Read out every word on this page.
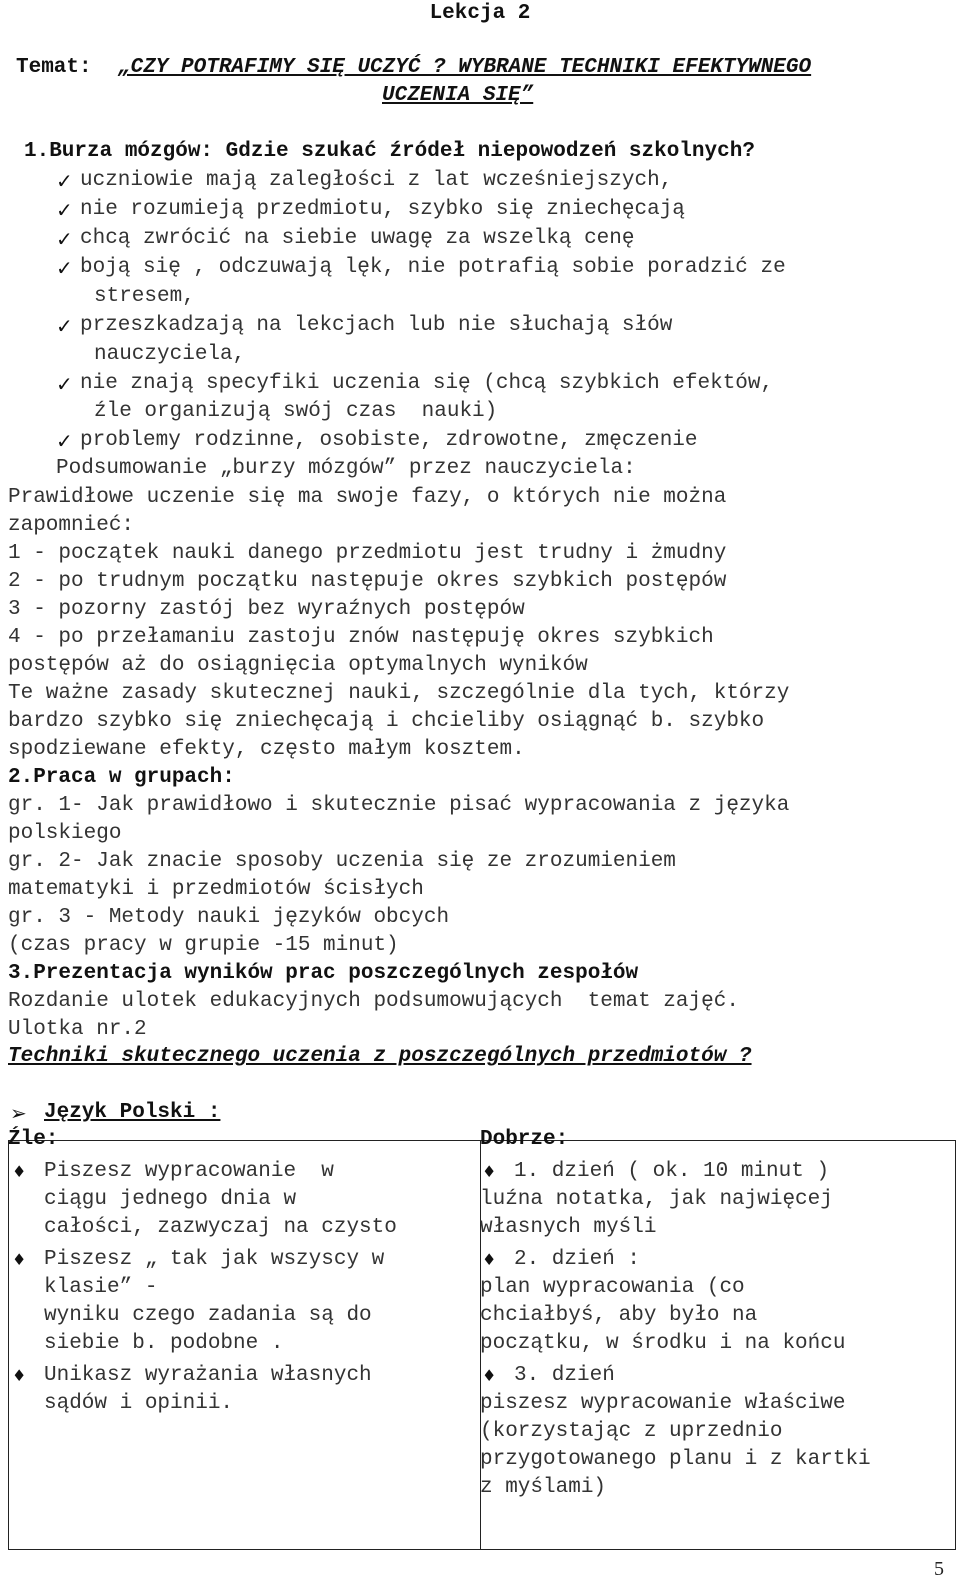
Lekcja 2
Temat: „CZY POTRAFIMY SIĘ UCZYĆ ? WYBRANE TECHNIKI EFEKTYWNEGO
UCZENIA SIĘ”
1.Burza mózgów: Gdzie szukać źródeł niepowodzeń szkolnych?
✓ uczniowie mają zaległości z lat wcześniejszych,
✓ nie rozumieją przedmiotu, szybko się zniechęcają
✓ chcą zwrócić na siebie uwagę za wszelką cenę
✓ boją się , odczuwają lęk, nie potrafią sobie poradzić ze
stresem,
✓ przeszkadzają na lekcjach lub nie słuchają słów
nauczyciela,
✓ nie znają specyfiki uczenia się (chcą szybkich efektów,
źle organizują swój czas  nauki)
✓ problemy rodzinne, osobiste, zdrowotne, zmęczenie
Podsumowanie „burzy mózgów” przez nauczyciela:
Prawidłowe uczenie się ma swoje fazy, o których nie można
zapomnieć:
1 - początek nauki danego przedmiotu jest trudny i żmudny
2 - po trudnym początku następuje okres szybkich postępów
3 - pozorny zastój bez wyraźnych postępów
4 - po przełamaniu zastoju znów następuję okres szybkich
postępów aż do osiągnięcia optymalnych wyników
Te ważne zasady skutecznej nauki, szczególnie dla tych, którzy
bardzo szybko się zniechęcają i chcieliby osiągnąć b. szybko
spodziewane efekty, często małym kosztem.
2.Praca w grupach:
gr. 1- Jak prawidłowo i skutecznie pisać wypracowania z języka
polskiego
gr. 2- Jak znacie sposoby uczenia się ze zrozumieniem
matematyki i przedmiotów ścisłych
gr. 3 - Metody nauki języków obcych
(czas pracy w grupie -15 minut)
3.Prezentacja wyników prac poszczególnych zespołów
Rozdanie ulotek edukacyjnych podsumowujących  temat zajęć.
Ulotka nr.2
Techniki skutecznego uczenia z poszczególnych przedmiotów ?
➢ Język Polski :
Źle:	Dobrze:
♦ Piszesz wypracowanie  w
ciągu jednego dnia w
całości, zazwyczaj na czysto
♦ Piszesz „ tak jak wszyscy w
klasie” -
wyniku czego zadania są do
siebie b. podobne .
♦ Unikasz wyrażania własnych
sądów i opinii.
♦ 1. dzień ( ok. 10 minut )
luźna notatka, jak najwięcej
własnych myśli
♦ 2. dzień :
plan wypracowania (co
chciałbyś, aby było na
początku, w środku i na końcu
♦ 3. dzień
piszesz wypracowanie właściwe
(korzystając z uprzednio
przygotowanego planu i z kartki
z myślami)
5
